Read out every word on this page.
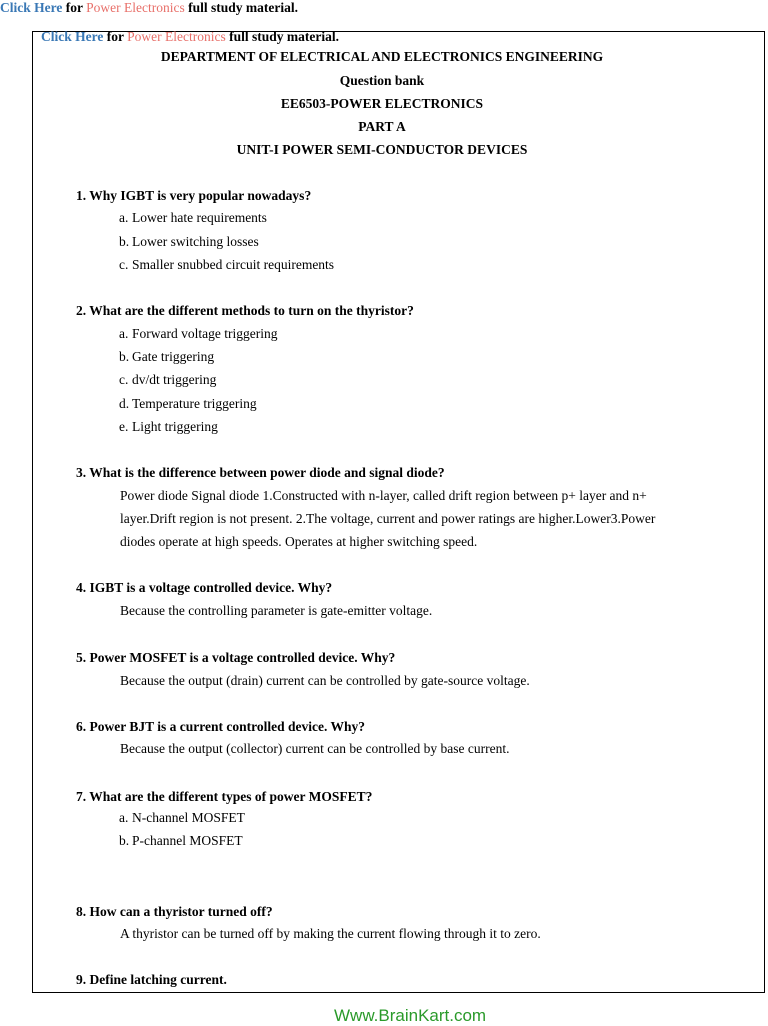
Click Here for Power Electronics full study material.
Click Here for Power Electronics full study material.
DEPARTMENT OF ELECTRICAL AND ELECTRONICS ENGINEERING
Question bank
EE6503-POWER ELECTRONICS
PART A
UNIT-I POWER SEMI-CONDUCTOR DEVICES
1. Why IGBT is very popular nowadays?
a. Lower hate requirements
b. Lower switching losses
c. Smaller snubbed circuit requirements
2. What are the different methods to turn on the thyristor?
a. Forward voltage triggering
b. Gate triggering
c. dv/dt triggering
d. Temperature triggering
e. Light triggering
3. What is the difference between power diode and signal diode?
Power diode Signal diode 1.Constructed with n-layer, called drift region between p+ layer and n+
layer.Drift region is not present. 2.The voltage, current and power ratings are higher.Lower3.Power
diodes operate at high speeds. Operates at higher switching speed.
4. IGBT is a voltage controlled device. Why?
Because the controlling parameter is gate-emitter voltage.
5. Power MOSFET is a voltage controlled device. Why?
Because the output (drain) current can be controlled by gate-source voltage.
6. Power BJT is a current controlled device. Why?
Because the output (collector) current can be controlled by base current.
7. What are the different types of power MOSFET?
a. N-channel MOSFET
b. P-channel MOSFET
8. How can a thyristor turned off?
A thyristor can be turned off by making the current flowing through it to zero.
9. Define latching current.
Www.BrainKart.com
